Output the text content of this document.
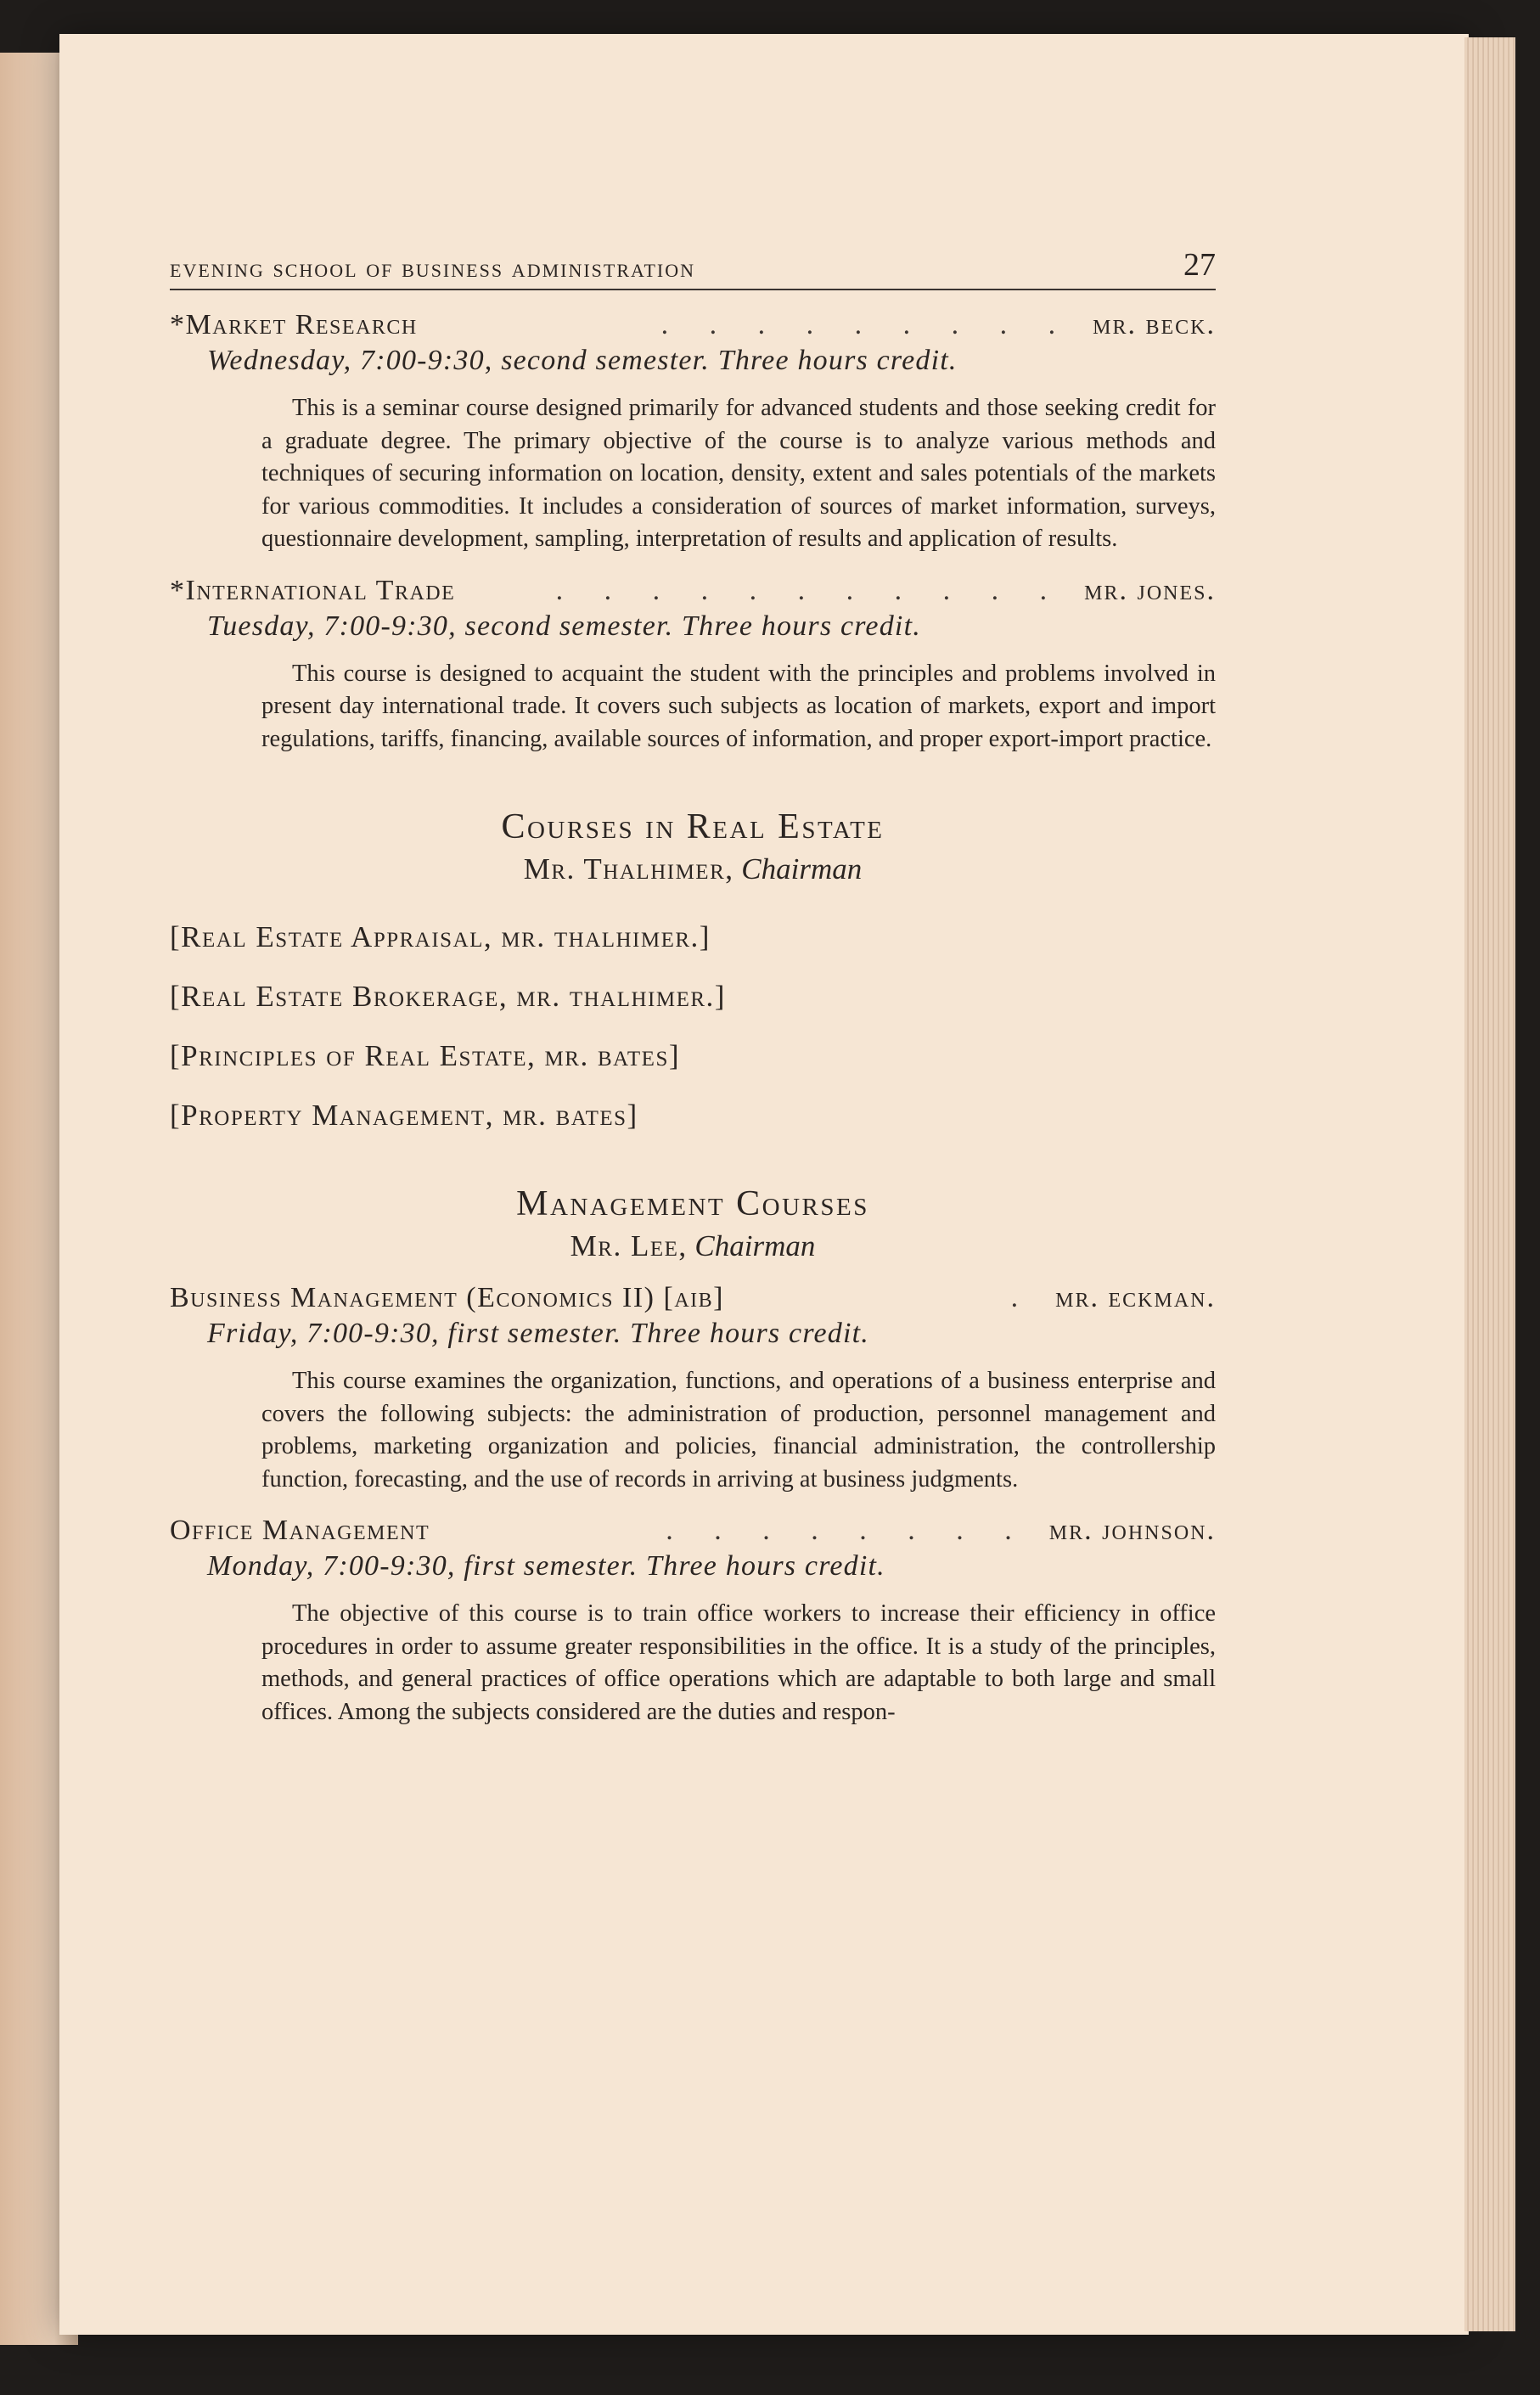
evening school of business administration	27
*Market Research	. . . . . . . . . mr. beck.
Wednesday, 7:00-9:30, second semester. Three hours credit.

This is a seminar course designed primarily for advanced students and those seeking credit for a graduate degree. The primary objective of the course is to analyze various methods and techniques of securing information on location, density, extent and sales potentials of the markets for various commodities. It includes a consideration of sources of market information, surveys, questionnaire development, sampling, interpretation of results and application of results.

*International Trade	. . . . . . . . . . . mr. jones.
Tuesday, 7:00-9:30, second semester. Three hours credit.

This course is designed to acquaint the student with the principles and problems involved in present day international trade. It covers such subjects as location of markets, export and import regulations, tariffs, financing, available sources of information, and proper export-import practice.

Courses in Real Estate
Mr. Thalhimer, Chairman
[Real Estate Appraisal, mr. thalhimer.]
[Real Estate Brokerage, mr. thalhimer.]
[Principles of Real Estate, mr. bates]
[Property Management, mr. bates]
Management Courses
Mr. Lee, Chairman
Business Management (Economics II) [aib]	. mr. eckman.
Friday, 7:00-9:30, first semester. Three hours credit.

This course examines the organization, functions, and operations of a business enterprise and covers the following subjects: the administration of production, personnel management and problems, marketing organization and policies, financial administration, the controllership function, forecasting, and the use of records in arriving at business judgments.

Office Management	. . . . . . . . mr. johnson.
Monday, 7:00-9:30, first semester. Three hours credit.

The objective of this course is to train office workers to increase their efficiency in office procedures in order to assume greater responsibilities in the office. It is a study of the principles, methods, and general practices of office operations which are adaptable to both large and small offices. Among the subjects considered are the duties and respon-
